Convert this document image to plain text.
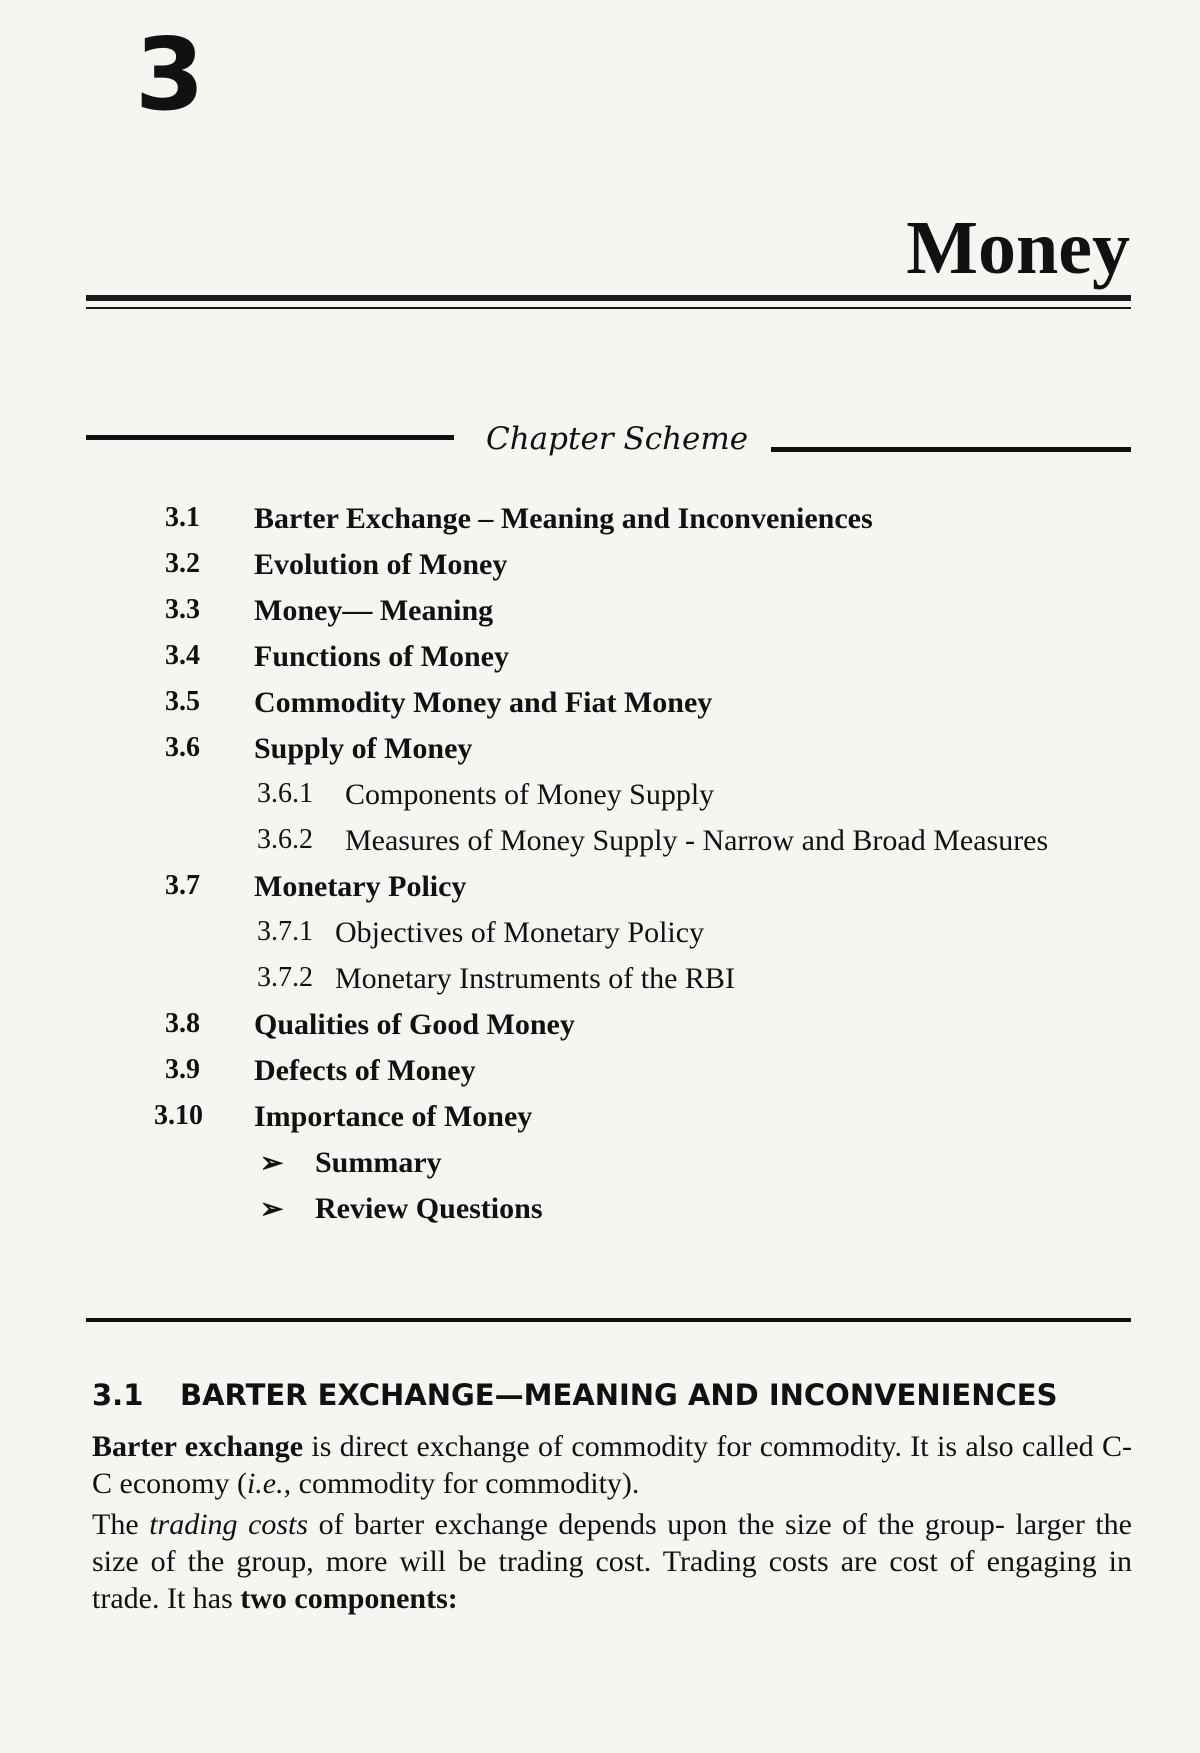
3
Money
Chapter Scheme
3.1 Barter Exchange – Meaning and Inconveniences
3.2 Evolution of Money
3.3 Money— Meaning
3.4 Functions of Money
3.5 Commodity Money and Fiat Money
3.6 Supply of Money
3.6.1 Components of Money Supply
3.6.2 Measures of Money Supply - Narrow and Broad Measures
3.7 Monetary Policy
3.7.1 Objectives of Monetary Policy
3.7.2 Monetary Instruments of the RBI
3.8 Qualities of Good Money
3.9 Defects of Money
3.10 Importance of Money
➢ Summary
➢ Review Questions
3.1 BARTER EXCHANGE—MEANING AND INCONVENIENCES

Barter exchange is direct exchange of commodity for commodity. It is also called C-C economy (i.e., commodity for commodity).

The trading costs of barter exchange depends upon the size of the group- larger the size of the group, more will be trading cost. Trading costs are cost of engaging in trade. It has two components:
